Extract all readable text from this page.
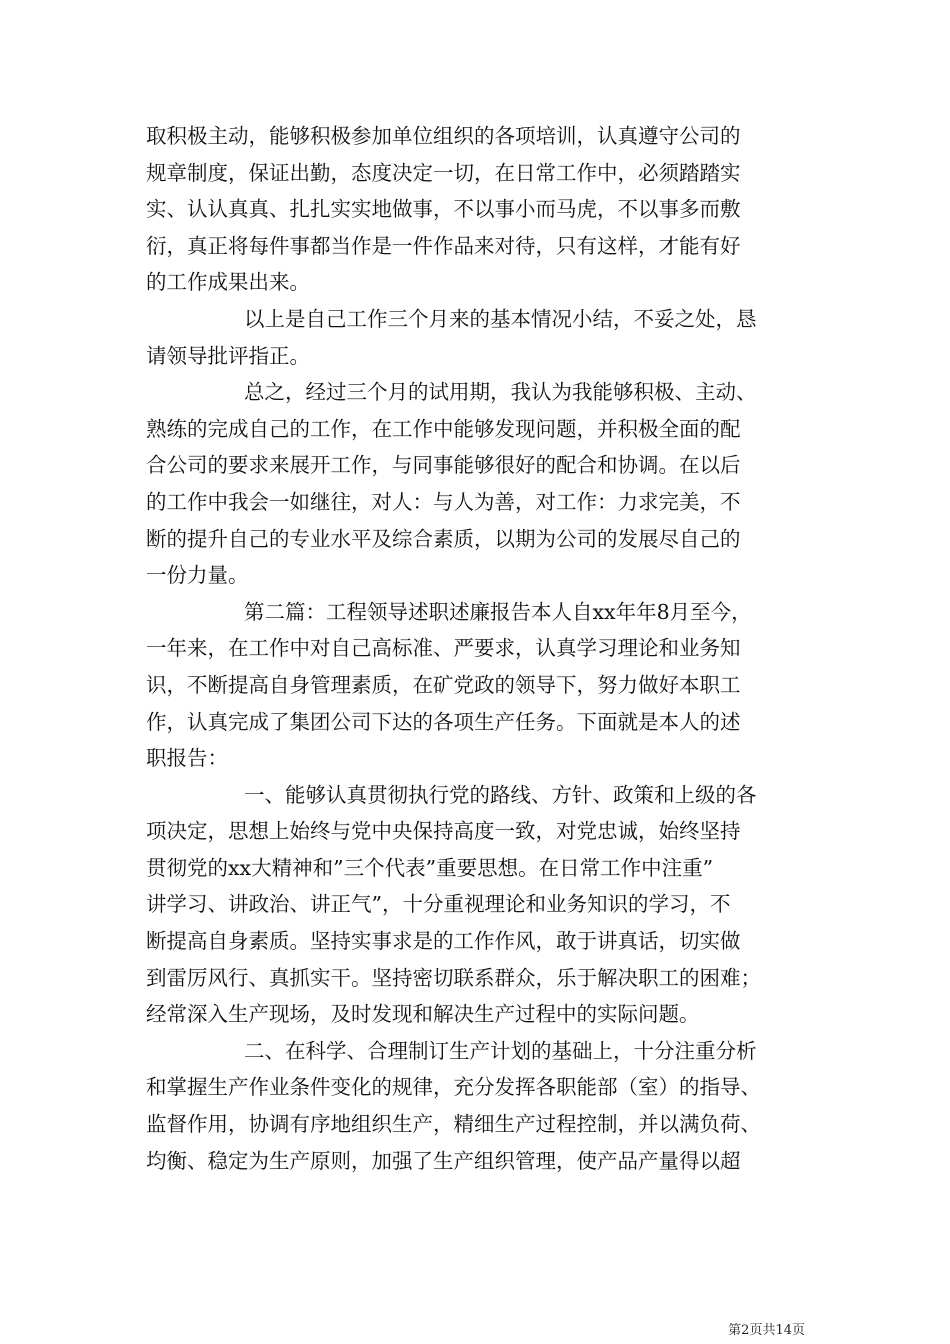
取积极主动，能够积极参加单位组织的各项培训，认真遵守公司的
规章制度，保证出勤，态度决定一切，在日常工作中，必须踏踏实
实、认认真真、扎扎实实地做事，不以事小而马虎，不以事多而敷
衍，真正将每件事都当作是一件作品来对待，只有这样，才能有好
的工作成果出来。

以上是自己工作三个月来的基本情况小结，不妥之处，恳
请领导批评指正。

总之，经过三个月的试用期，我认为我能够积极、主动、
熟练的完成自己的工作，在工作中能够发现问题，并积极全面的配
合公司的要求来展开工作，与同事能够很好的配合和协调。在以后
的工作中我会一如继往，对人：与人为善，对工作：力求完美，不
断的提升自己的专业水平及综合素质，以期为公司的发展尽自己的
一份力量。

第二篇：工程领导述职述廉报告本人自xx年年8月至今，
一年来，在工作中对自己高标准、严要求，认真学习理论和业务知
识，不断提高自身管理素质，在矿党政的领导下，努力做好本职工
作，认真完成了集团公司下达的各项生产任务。下面就是本人的述
职报告：

一、能够认真贯彻执行党的路线、方针、政策和上级的各
项决定，思想上始终与党中央保持高度一致，对党忠诚，始终坚持
贯彻党的xx大精神和”三个代表”重要思想。在日常工作中注重”
讲学习、讲政治、讲正气”，十分重视理论和业务知识的学习，不
断提高自身素质。坚持实事求是的工作作风，敢于讲真话，切实做
到雷厉风行、真抓实干。坚持密切联系群众，乐于解决职工的困难；
经常深入生产现场，及时发现和解决生产过程中的实际问题。

二、在科学、合理制订生产计划的基础上，十分注重分析
和掌握生产作业条件变化的规律，充分发挥各职能部（室）的指导、
监督作用，协调有序地组织生产，精细生产过程控制，并以满负荷、
均衡、稳定为生产原则，加强了生产组织管理，使产品产量得以超

第2页共14页
